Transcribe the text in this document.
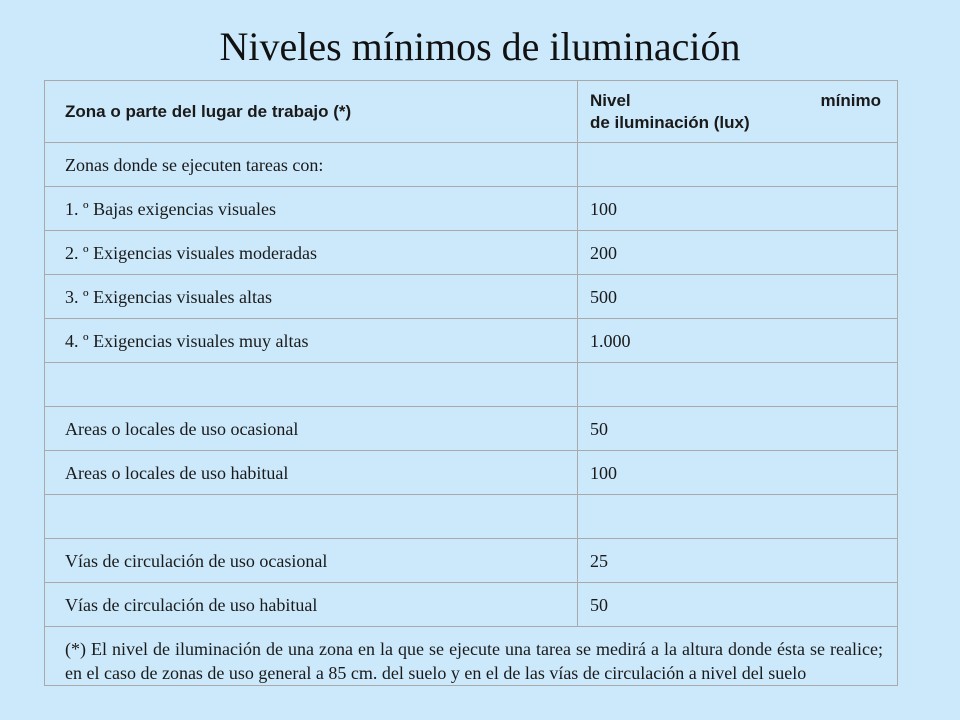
Niveles mínimos de iluminación
Zona o parte del lugar de trabajo (*)	Nivel mínimo
de iluminación (lux)

Zonas donde se ejecuten tareas con:	
1. º Bajas exigencias visuales	100
2. º Exigencias visuales moderadas	200
3. º Exigencias visuales altas	500
4. º Exigencias visuales muy altas	1.000

Areas o locales de uso ocasional	50
Areas o locales de uso habitual	100

Vías de circulación de uso ocasional	25
Vías de circulación de uso habitual	50
(*) El nivel de iluminación de una zona en la que se ejecute una tarea se medirá a la altura donde ésta se realice; en el caso de zonas de uso general a 85 cm. del suelo y en el de las vías de circulación a nivel del suelo	
